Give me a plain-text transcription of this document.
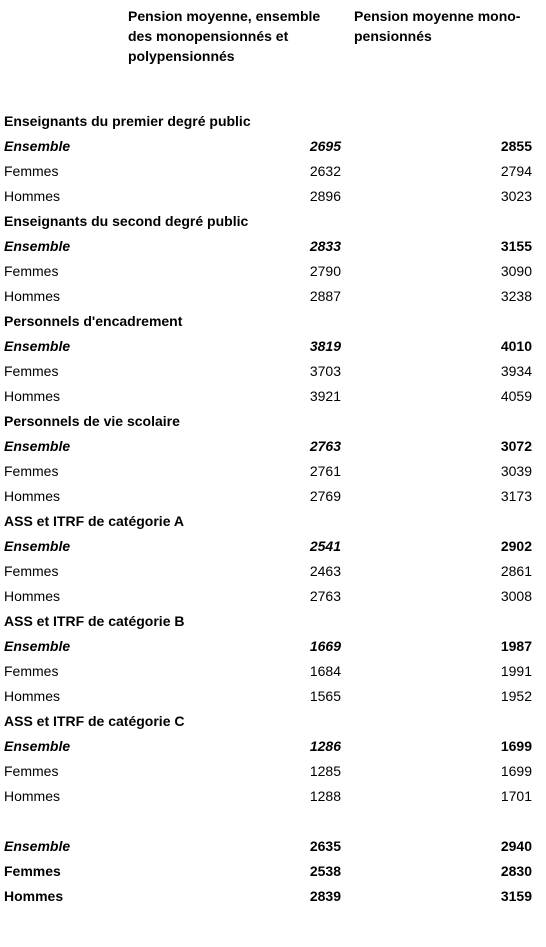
Pension moyenne, ensemble des monopensionnés et polypensionnés
Pension moyenne mono-pensionnés
Enseignants du premier degré public
Ensemble	2695	2855
Femmes	2632	2794
Hommes	2896	3023
Enseignants du second degré public
Ensemble	2833	3155
Femmes	2790	3090
Hommes	2887	3238
Personnels d'encadrement
Ensemble	3819	4010
Femmes	3703	3934
Hommes	3921	4059
Personnels de vie scolaire
Ensemble	2763	3072
Femmes	2761	3039
Hommes	2769	3173
ASS et ITRF de catégorie A
Ensemble	2541	2902
Femmes	2463	2861
Hommes	2763	3008
ASS et ITRF de catégorie B
Ensemble	1669	1987
Femmes	1684	1991
Hommes	1565	1952
ASS et ITRF de catégorie C
Ensemble	1286	1699
Femmes	1285	1699
Hommes	1288	1701
Ensemble	2635	2940
Femmes	2538	2830
Hommes	2839	3159
